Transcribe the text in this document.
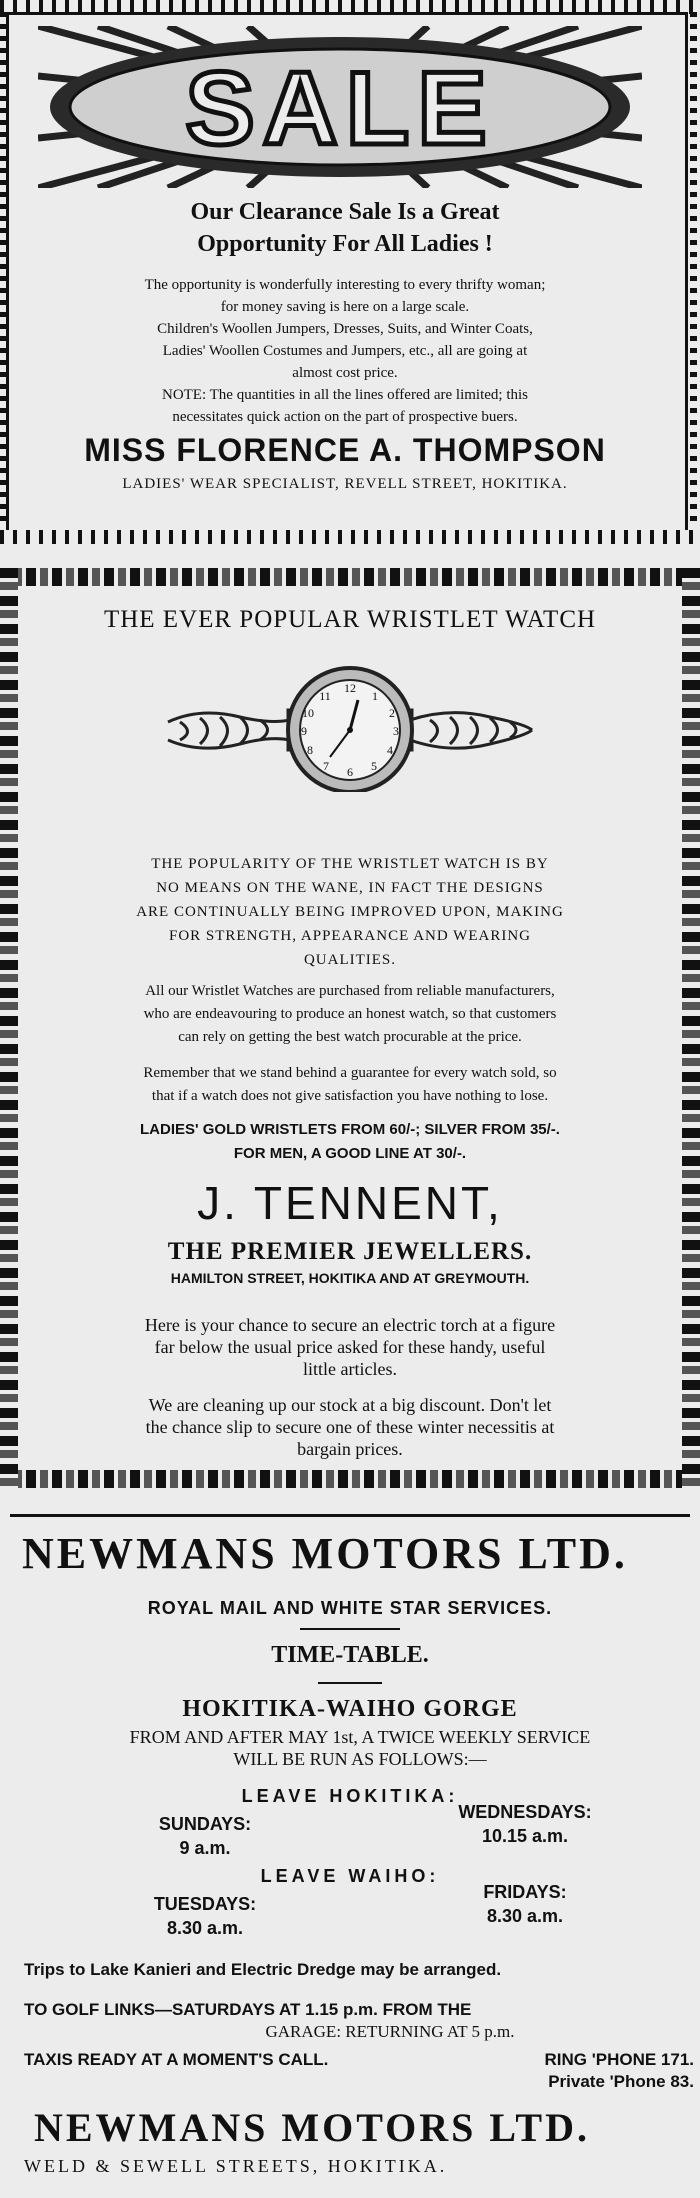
SALE
Our Clearance Sale Is a Great
Opportunity For All Ladies !
The opportunity is wonderfully interesting to every thrifty woman;
for money saving is here on a large scale.
Children's Woollen Jumpers, Dresses, Suits, and Winter Coats,
Ladies' Woollen Costumes and Jumpers, etc., all are going at
almost cost price.
NOTE: The quantities in all the lines offered are limited; this
necessitates quick action on the part of prospective buers.
MISS FLORENCE A. THOMPSON
LADIES' WEAR SPECIALIST, REVELL STREET, HOKITIKA.
THE EVER POPULAR WRISTLET WATCH
12
1
2
3
4
5
6
7
8
9
10
11
THE POPULARITY OF THE WRISTLET WATCH IS BY
NO MEANS ON THE WANE, IN FACT THE DESIGNS
ARE CONTINUALLY BEING IMPROVED UPON, MAKING
FOR STRENGTH, APPEARANCE AND WEARING
QUALITIES.
All our Wristlet Watches are purchased from reliable manufacturers,
who are endeavouring to produce an honest watch, so that customers
can rely on getting the best watch procurable at the price.
Remember that we stand behind a guarantee for every watch sold, so
that if a watch does not give satisfaction you have nothing to lose.
LADIES' GOLD WRISTLETS FROM 60/-; SILVER FROM 35/-.
FOR MEN, A GOOD LINE AT 30/-.
J. TENNENT,
THE PREMIER JEWELLERS.
HAMILTON STREET, HOKITIKA AND AT GREYMOUTH.
Here is your chance to secure an electric torch at a figure
far below the usual price asked for these handy, useful
little articles.
We are cleaning up our stock at a big discount. Don't let
the chance slip to secure one of these winter necessitis at
bargain prices.
NEWMANS MOTORS LTD.
ROYAL MAIL AND WHITE STAR SERVICES.
TIME-TABLE.
HOKITIKA-WAIHO GORGE
FROM AND AFTER MAY 1st, A TWICE WEEKLY SERVICE
WILL BE RUN AS FOLLOWS:—
LEAVE HOKITIKA:
SUNDAYS:
9 a.m.
WEDNESDAYS:
10.15 a.m.
LEAVE WAIHO:
TUESDAYS:
8.30 a.m.
FRIDAYS:
8.30 a.m.
Trips to Lake Kanieri and Electric Dredge may be arranged.
TO GOLF LINKS—SATURDAYS AT 1.15 p.m. FROM THE
GARAGE: RETURNING AT 5 p.m.
TAXIS READY AT A MOMENT'S CALL.	RING 'PHONE 171.
Private 'Phone 83.
NEWMANS MOTORS LTD.
WELD & SEWELL STREETS, HOKITIKA.
